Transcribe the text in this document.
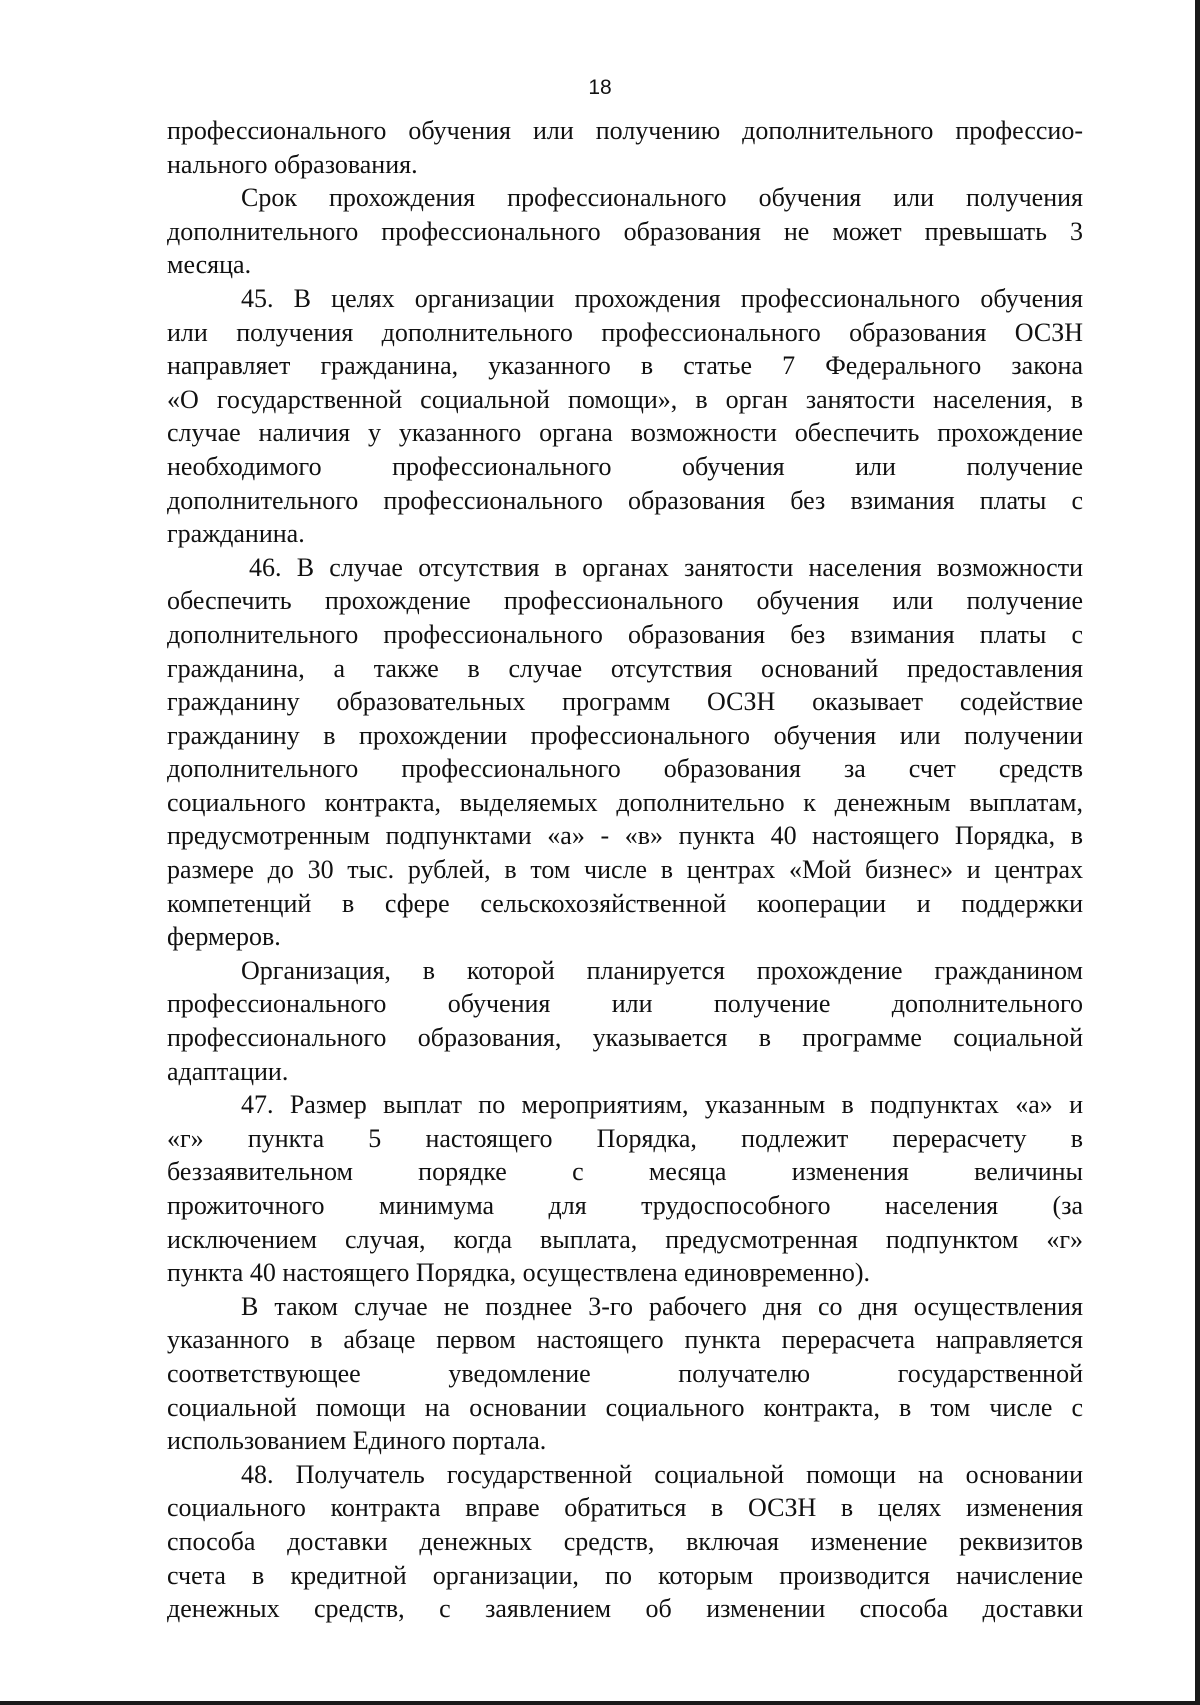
18
профессионального обучения или получению дополнительного профессио-
нального образования.
Срок прохождения профессионального обучения или получения
дополнительного профессионального образования не может превышать 3
месяца.
45. В целях организации прохождения профессионального обучения
или получения дополнительного профессионального образования ОСЗН
направляет гражданина, указанного в статье 7 Федерального закона
«О государственной социальной помощи», в орган занятости населения, в
случае наличия у указанного органа возможности обеспечить прохождение
необходимого профессионального обучения или получение
дополнительного профессионального образования без взимания платы с
гражданина.
46. В случае отсутствия в органах занятости населения возможности
обеспечить прохождение профессионального обучения или получение
дополнительного профессионального образования без взимания платы с
гражданина, а также в случае отсутствия оснований предоставления
гражданину образовательных программ ОСЗН оказывает содействие
гражданину в прохождении профессионального обучения или получении
дополнительного профессионального образования за счет средств
социального контракта, выделяемых дополнительно к денежным выплатам,
предусмотренным подпунктами «а» - «в» пункта 40 настоящего Порядка, в
размере до 30 тыс. рублей, в том числе в центрах «Мой бизнес» и центрах
компетенций в сфере сельскохозяйственной кооперации и поддержки
фермеров.
Организация, в которой планируется прохождение гражданином
профессионального обучения или получение дополнительного
профессионального образования, указывается в программе социальной
адаптации.
47. Размер выплат по мероприятиям, указанным в подпунктах «а» и
«г» пункта 5 настоящего Порядка, подлежит перерасчету в
беззаявительном порядке с месяца изменения величины
прожиточного минимума для трудоспособного населения (за
исключением случая, когда выплата, предусмотренная подпунктом «г»
пункта 40 настоящего Порядка, осуществлена единовременно).
В таком случае не позднее 3-го рабочего дня со дня осуществления
указанного в абзаце первом настоящего пункта перерасчета направляется
соответствующее уведомление получателю государственной
социальной помощи на основании социального контракта, в том числе с
использованием Единого портала.
48. Получатель государственной социальной помощи на основании
социального контракта вправе обратиться в ОСЗН в целях изменения
способа доставки денежных средств, включая изменение реквизитов
счета в кредитной организации, по которым производится начисление
денежных средств, с заявлением об изменении способа доставки
